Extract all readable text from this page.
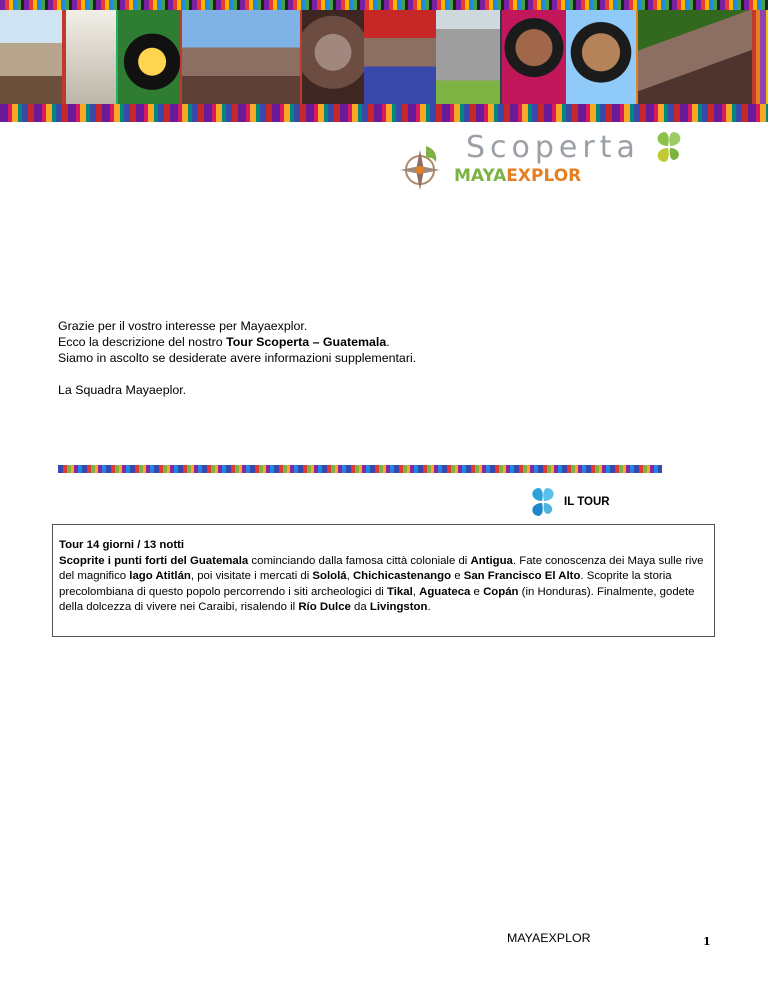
Scoperta
MAYAEXPLOR

Grazie per il vostro interesse per Mayaexplor.

Ecco la descrizione del nostro Tour Scoperta – Guatemala.

Siamo in ascolto se desiderate avere informazioni supplementari.

La Squadra Mayaeplor.

IL TOUR

Tour 14 giorni / 13 notti

Scoprite i punti forti del Guatemala cominciando dalla famosa città coloniale di Antigua. Fate conoscenza dei Maya sulle rive del magnifico lago Atitlán, poi visitate i mercati di Sololá, Chichicastenango e San Francisco El Alto. Scoprite la storia precolombiana di questo popolo percorrendo i siti archeologici di Tikal, Aguateca e Copán (in Honduras). Finalmente, godete della dolcezza di vivere nei Caraibi, risalendo il Río Dulce da Livingston.

MAYAEXPLOR	1
